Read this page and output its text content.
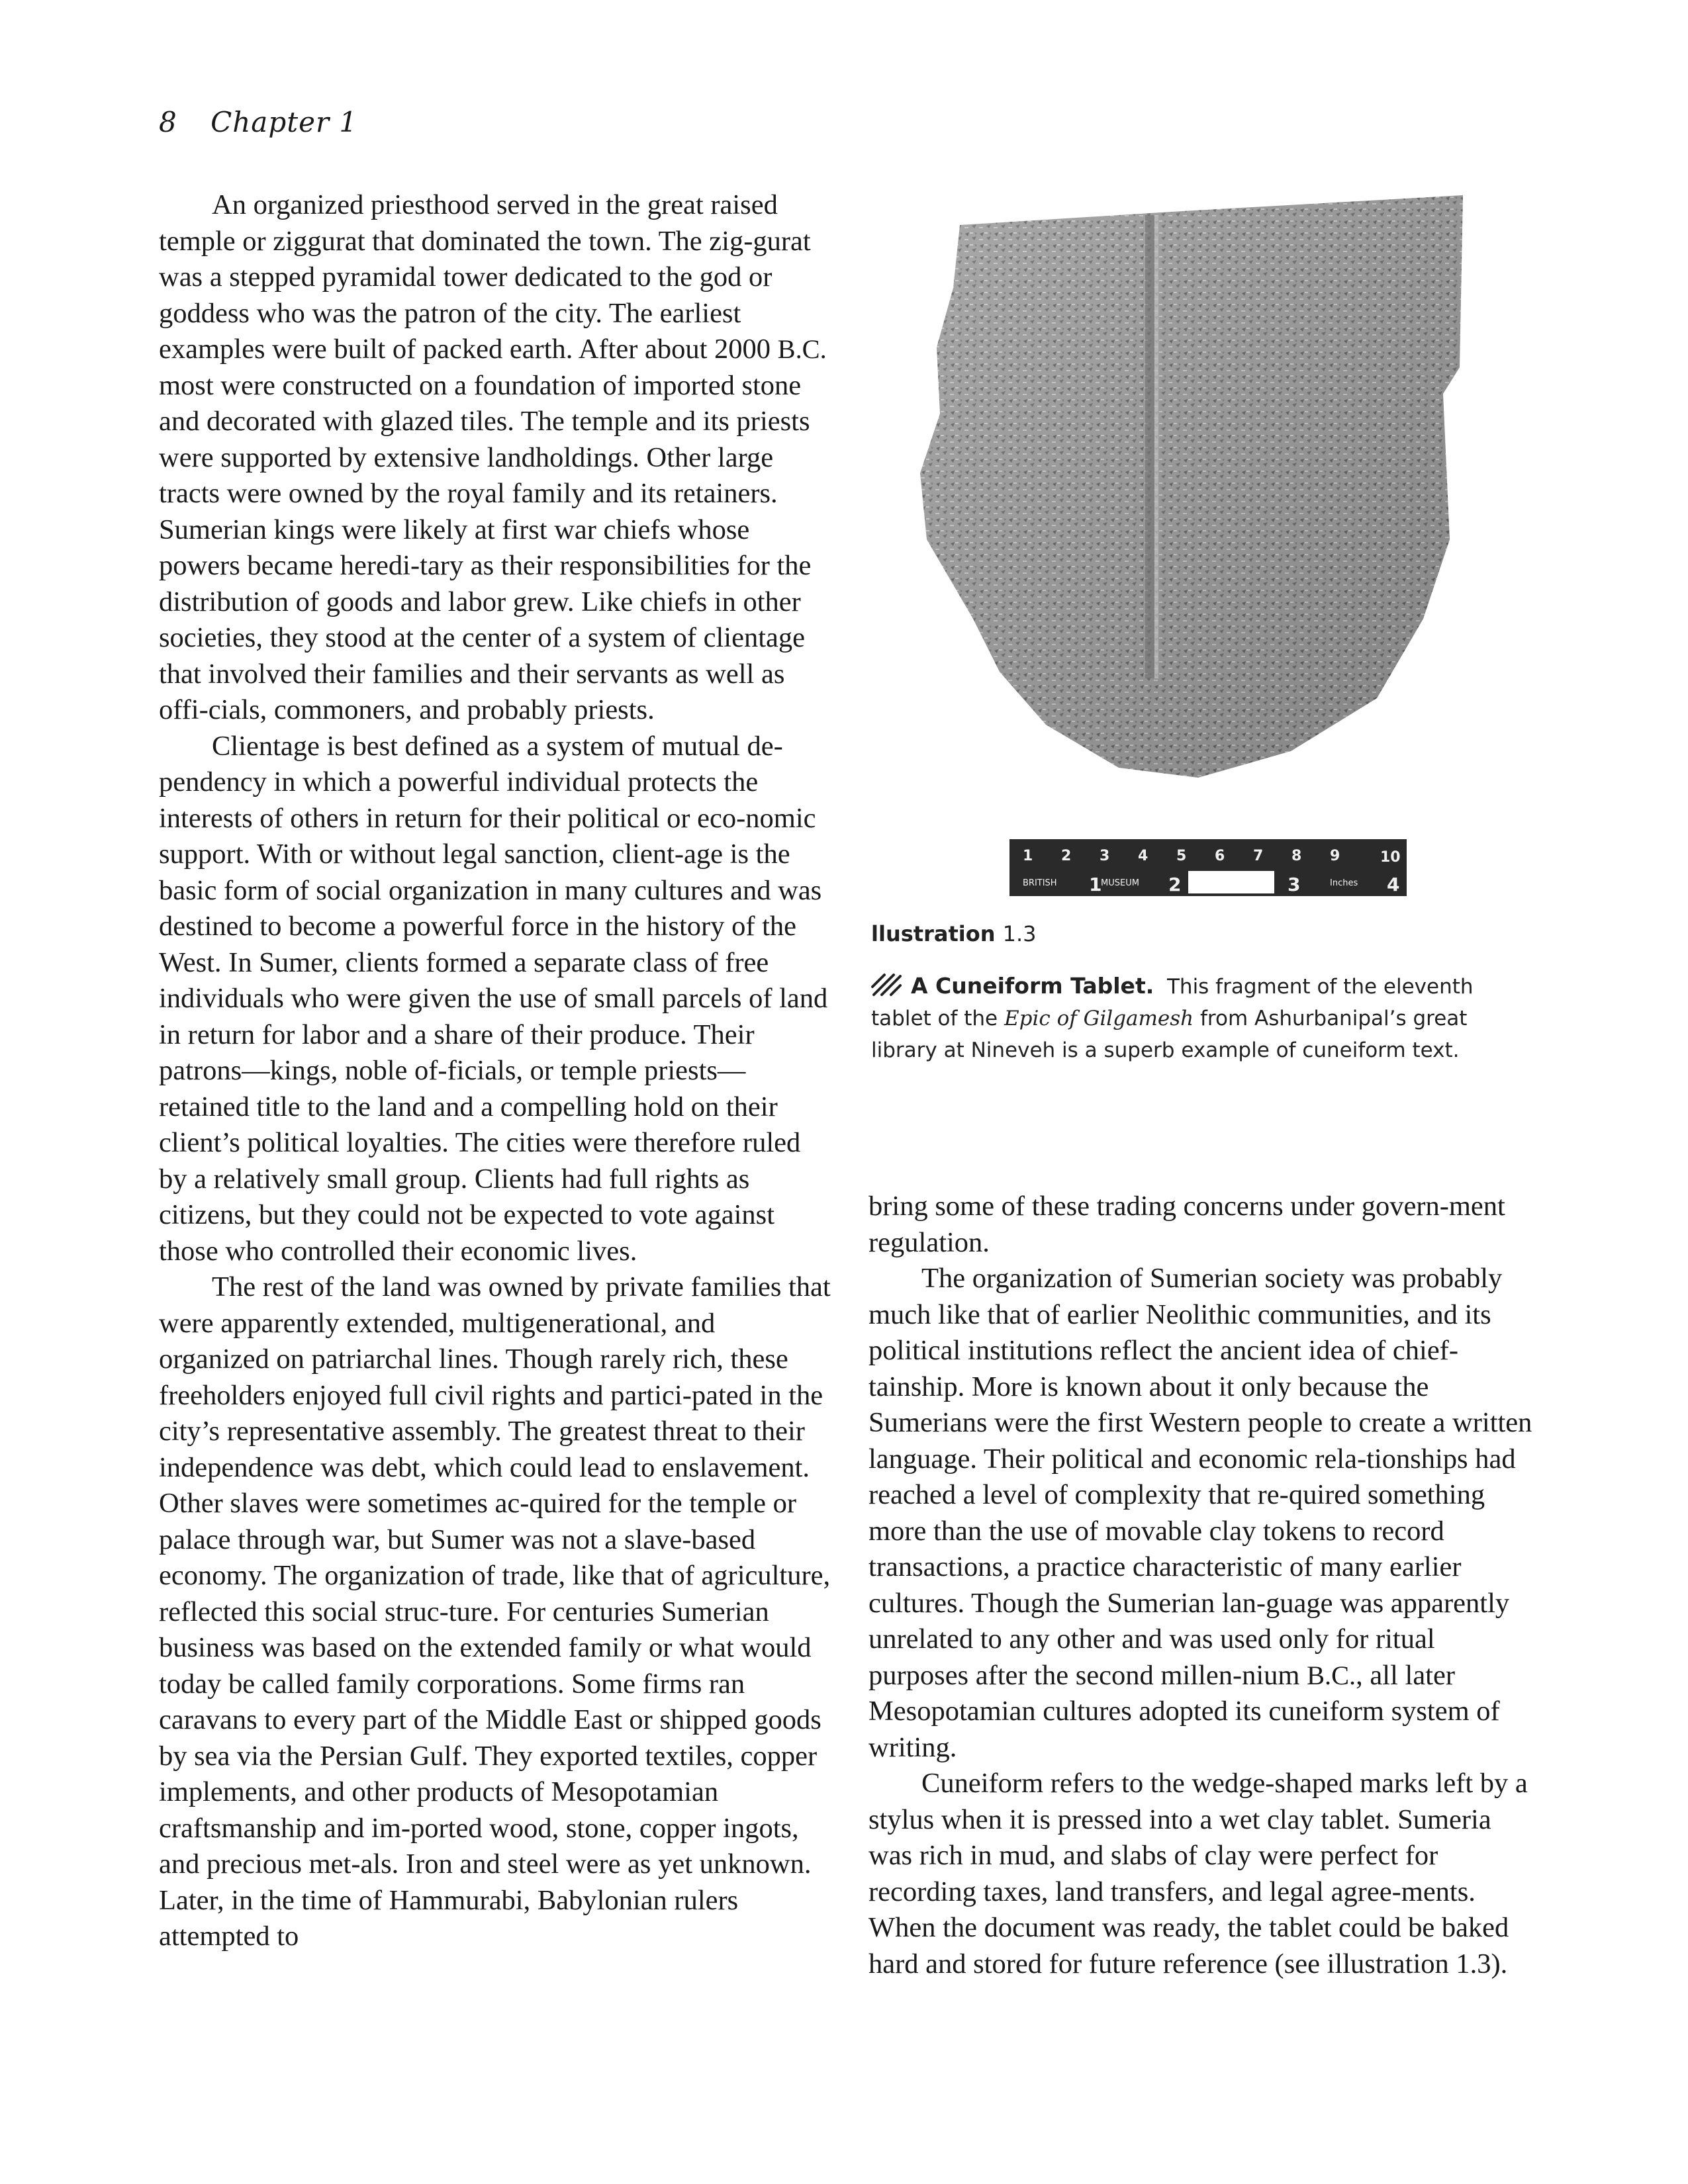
8 Chapter 1

An organized priesthood served in the great raised temple or ziggurat that dominated the town. The zig-gurat was a stepped pyramidal tower dedicated to the god or goddess who was the patron of the city. The earliest examples were built of packed earth. After about 2000 B.C. most were constructed on a foundation of imported stone and decorated with glazed tiles. The temple and its priests were supported by extensive landholdings. Other large tracts were owned by the royal family and its retainers. Sumerian kings were likely at first war chiefs whose powers became heredi-tary as their responsibilities for the distribution of goods and labor grew. Like chiefs in other societies, they stood at the center of a system of clientage that involved their families and their servants as well as offi-cials, commoners, and probably priests.

Clientage is best defined as a system of mutual de-pendency in which a powerful individual protects the interests of others in return for their political or eco-nomic support. With or without legal sanction, client-age is the basic form of social organization in many cultures and was destined to become a powerful force in the history of the West. In Sumer, clients formed a separate class of free individuals who were given the use of small parcels of land in return for labor and a share of their produce. Their patrons—kings, noble of-ficials, or temple priests—retained title to the land and a compelling hold on their client’s political loyalties. The cities were therefore ruled by a relatively small group. Clients had full rights as citizens, but they could not be expected to vote against those who controlled their economic lives.

The rest of the land was owned by private families that were apparently extended, multigenerational, and organized on patriarchal lines. Though rarely rich, these freeholders enjoyed full civil rights and partici-pated in the city’s representative assembly. The greatest threat to their independence was debt, which could lead to enslavement. Other slaves were sometimes ac-quired for the temple or palace through war, but Sumer was not a slave-based economy. The organization of trade, like that of agriculture, reflected this social struc-ture. For centuries Sumerian business was based on the extended family or what would today be called family corporations. Some firms ran caravans to every part of the Middle East or shipped goods by sea via the Persian Gulf. They exported textiles, copper implements, and other products of Mesopotamian craftsmanship and im-ported wood, stone, copper ingots, and precious met-als. Iron and steel were as yet unknown. Later, in the time of Hammurabi, Babylonian rulers attempted to

1 2 3 4 5 6 7 8 9	10
BRITISH	MUSEUM	Inches
1	2	3	4
llustration 1.3
A Cuneiform Tablet. This fragment of the eleventh tablet of the Epic of Gilgamesh from Ashurbanipal’s great library at Nineveh is a superb example of cuneiform text.

bring some of these trading concerns under govern-ment regulation.

The organization of Sumerian society was probably much like that of earlier Neolithic communities, and its political institutions reflect the ancient idea of chief-tainship. More is known about it only because the Sumerians were the first Western people to create a written language. Their political and economic rela-tionships had reached a level of complexity that re-quired something more than the use of movable clay tokens to record transactions, a practice characteristic of many earlier cultures. Though the Sumerian lan-guage was apparently unrelated to any other and was used only for ritual purposes after the second millen-nium B.C., all later Mesopotamian cultures adopted its cuneiform system of writing.

Cuneiform refers to the wedge-shaped marks left by a stylus when it is pressed into a wet clay tablet. Sumeria was rich in mud, and slabs of clay were perfect for recording taxes, land transfers, and legal agree-ments. When the document was ready, the tablet could be baked hard and stored for future reference (see illustration 1.3).
